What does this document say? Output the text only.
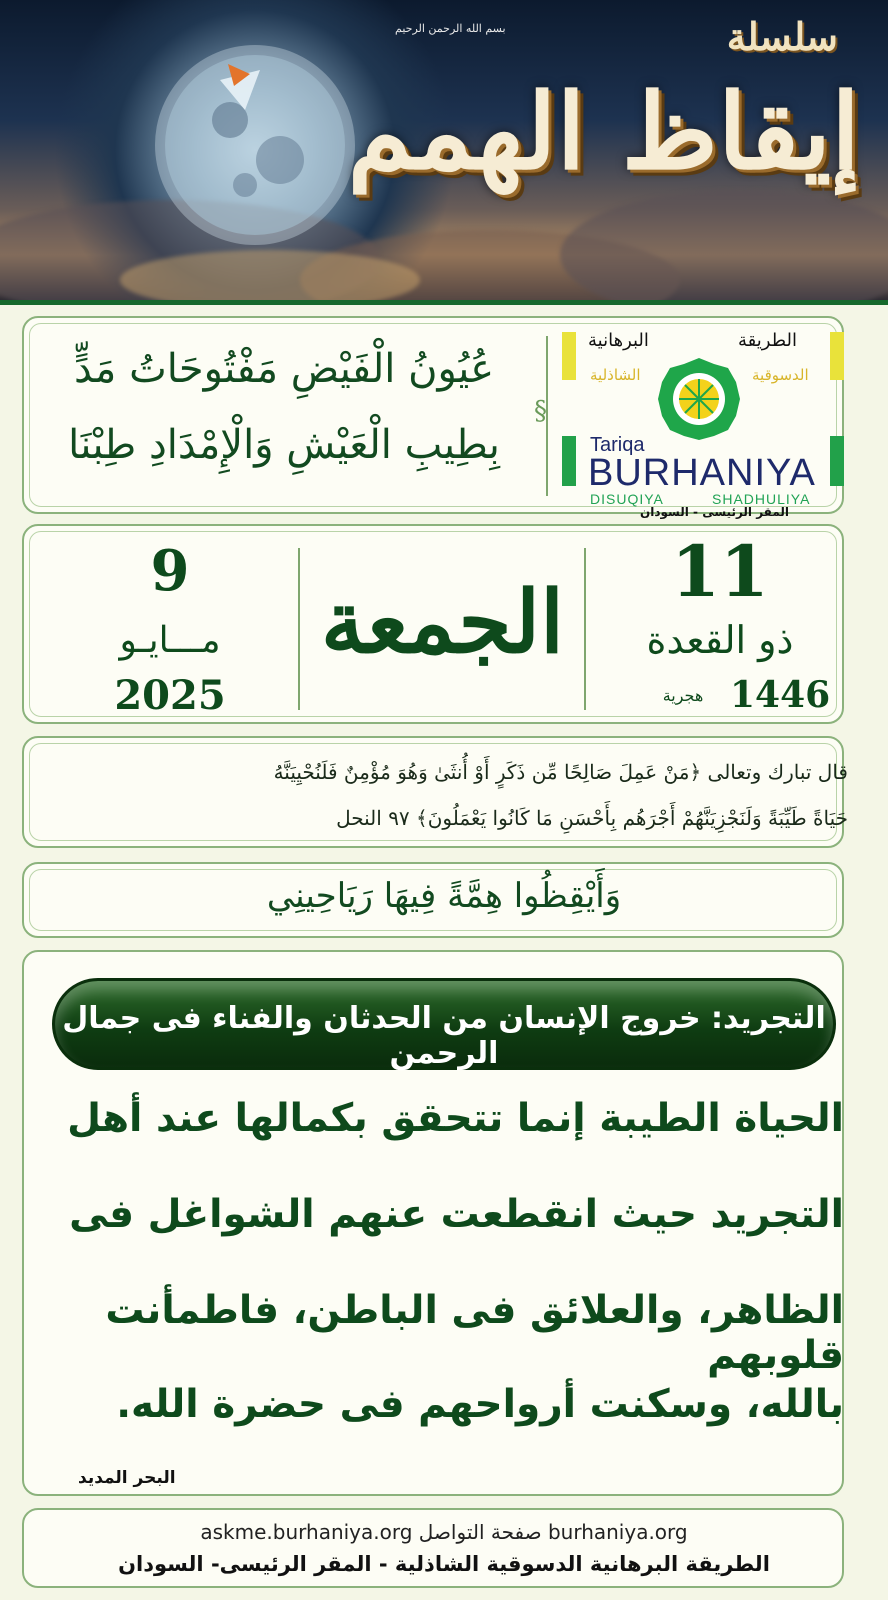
بسم الله الرحمن الرحيم	سلسلة
إيقاظ الهمم
عُيُونُ الْفَيْضِ مَفْتُوحَاتُ مَدٍّ
بِطِيبِ الْعَيْشِ وَالْإِمْدَادِ طِبْنَا
§
الطريقة
البرهانية
الدسوقية
الشاذلية
Tariqa
BURHANIYA
DISUQIYA	SHADHULIYA
المقر الرئيسى - السودان
9
مـــايـو
2025
الجمعة
11
ذو القعدة
1446
هجرية
قال تبارك وتعالى ﴿مَنْ عَمِلَ صَالِحًا مِّن ذَكَرٍ أَوْ أُنثَىٰ وَهُوَ مُؤْمِنٌ فَلَنُحْيِيَنَّهُ
حَيَاةً طَيِّبَةً وَلَنَجْزِيَنَّهُمْ أَجْرَهُم بِأَحْسَنِ مَا كَانُوا يَعْمَلُونَ﴾ ٩٧ النحل
وَأَيْقِظُوا هِمَّةً فِيهَا رَيَاحِينِي
التجريد: خروج الإنسان من الحدثان والفناء فى جمال الرحمن
الحياة الطيبة إنما تتحقق بكمالها عند أهل
التجريد حيث انقطعت عنهم الشواغل فى
الظاهر، والعلائق فى الباطن، فاطمأنت قلوبهم
بالله، وسكنت أرواحهم فى حضرة الله.
البحر المديد
askme.burhaniya.org صفحة التواصل burhaniya.org
الطريقة البرهانية الدسوقية الشاذلية - المقر الرئيسى- السودان
